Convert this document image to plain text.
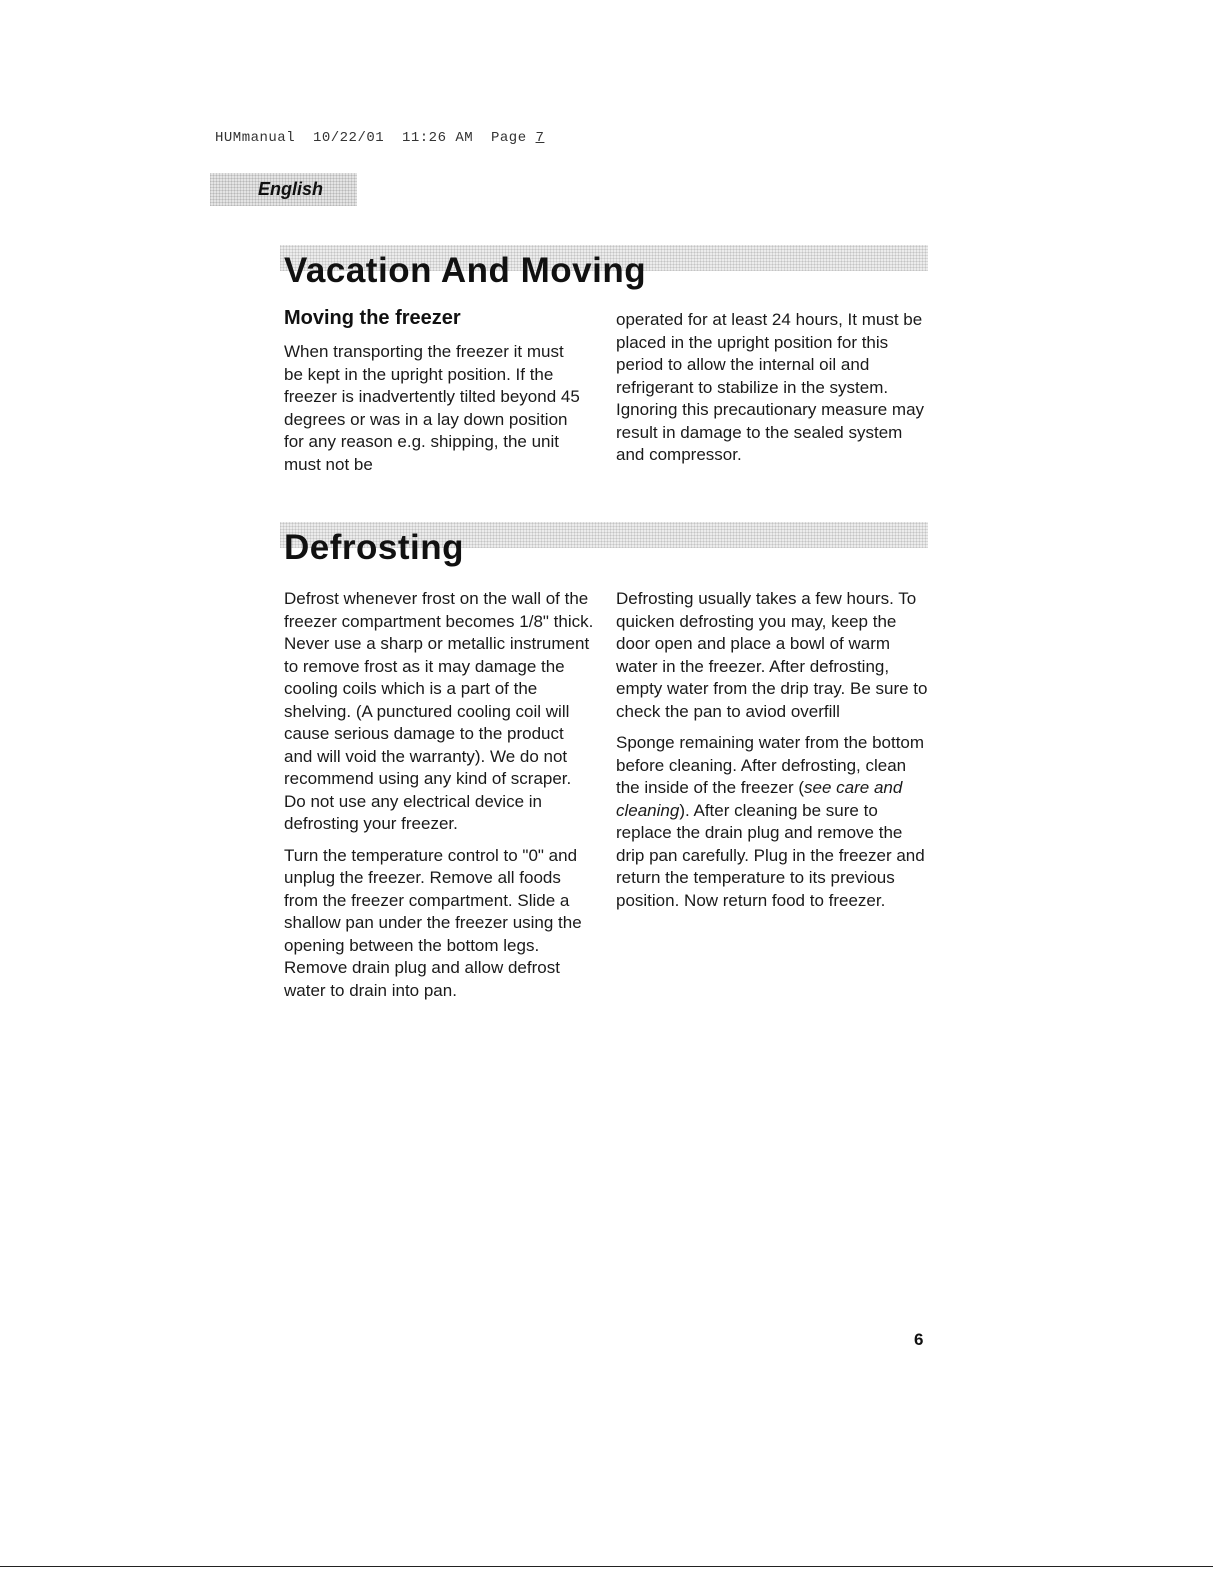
HUMmanual 10/22/01 11:26 AM Page 7
English
Vacation And Moving
Moving the freezer

When transporting the freezer it must be kept in the upright position. If the freezer is inadvertently tilted beyond 45 degrees or was in a lay down position for any reason e.g. shipping, the unit must not be

operated for at least 24 hours, It must be placed in the upright position for this period to allow the internal oil and refrigerant to stabilize in the system. Ignoring this precautionary measure may result in damage to the sealed system and compressor.

Defrosting

Defrost whenever frost on the wall of the freezer compartment becomes 1/8" thick. Never use a sharp or metallic instrument to remove frost as it may damage the cooling coils which is a part of the shelving. (A punctured cooling coil will cause serious damage to the product and will void the warranty). We do not recommend using any kind of scraper. Do not use any electrical device in defrosting your freezer.

Turn the temperature control to "0" and unplug the freezer. Remove all foods from the freezer compartment. Slide a shallow pan under the freezer using the opening between the bottom legs. Remove drain plug and allow defrost water to drain into pan.

Defrosting usually takes a few hours. To quicken defrosting you may, keep the door open and place a bowl of warm water in the freezer. After defrosting, empty water from the drip tray. Be sure to check the pan to aviod overfill

Sponge remaining water from the bottom before cleaning. After defrosting, clean the inside of the freezer (see care and cleaning). After cleaning be sure to replace the drain plug and remove the drip pan carefully. Plug in the freezer and return the temperature to its previous position. Now return food to freezer.

6
